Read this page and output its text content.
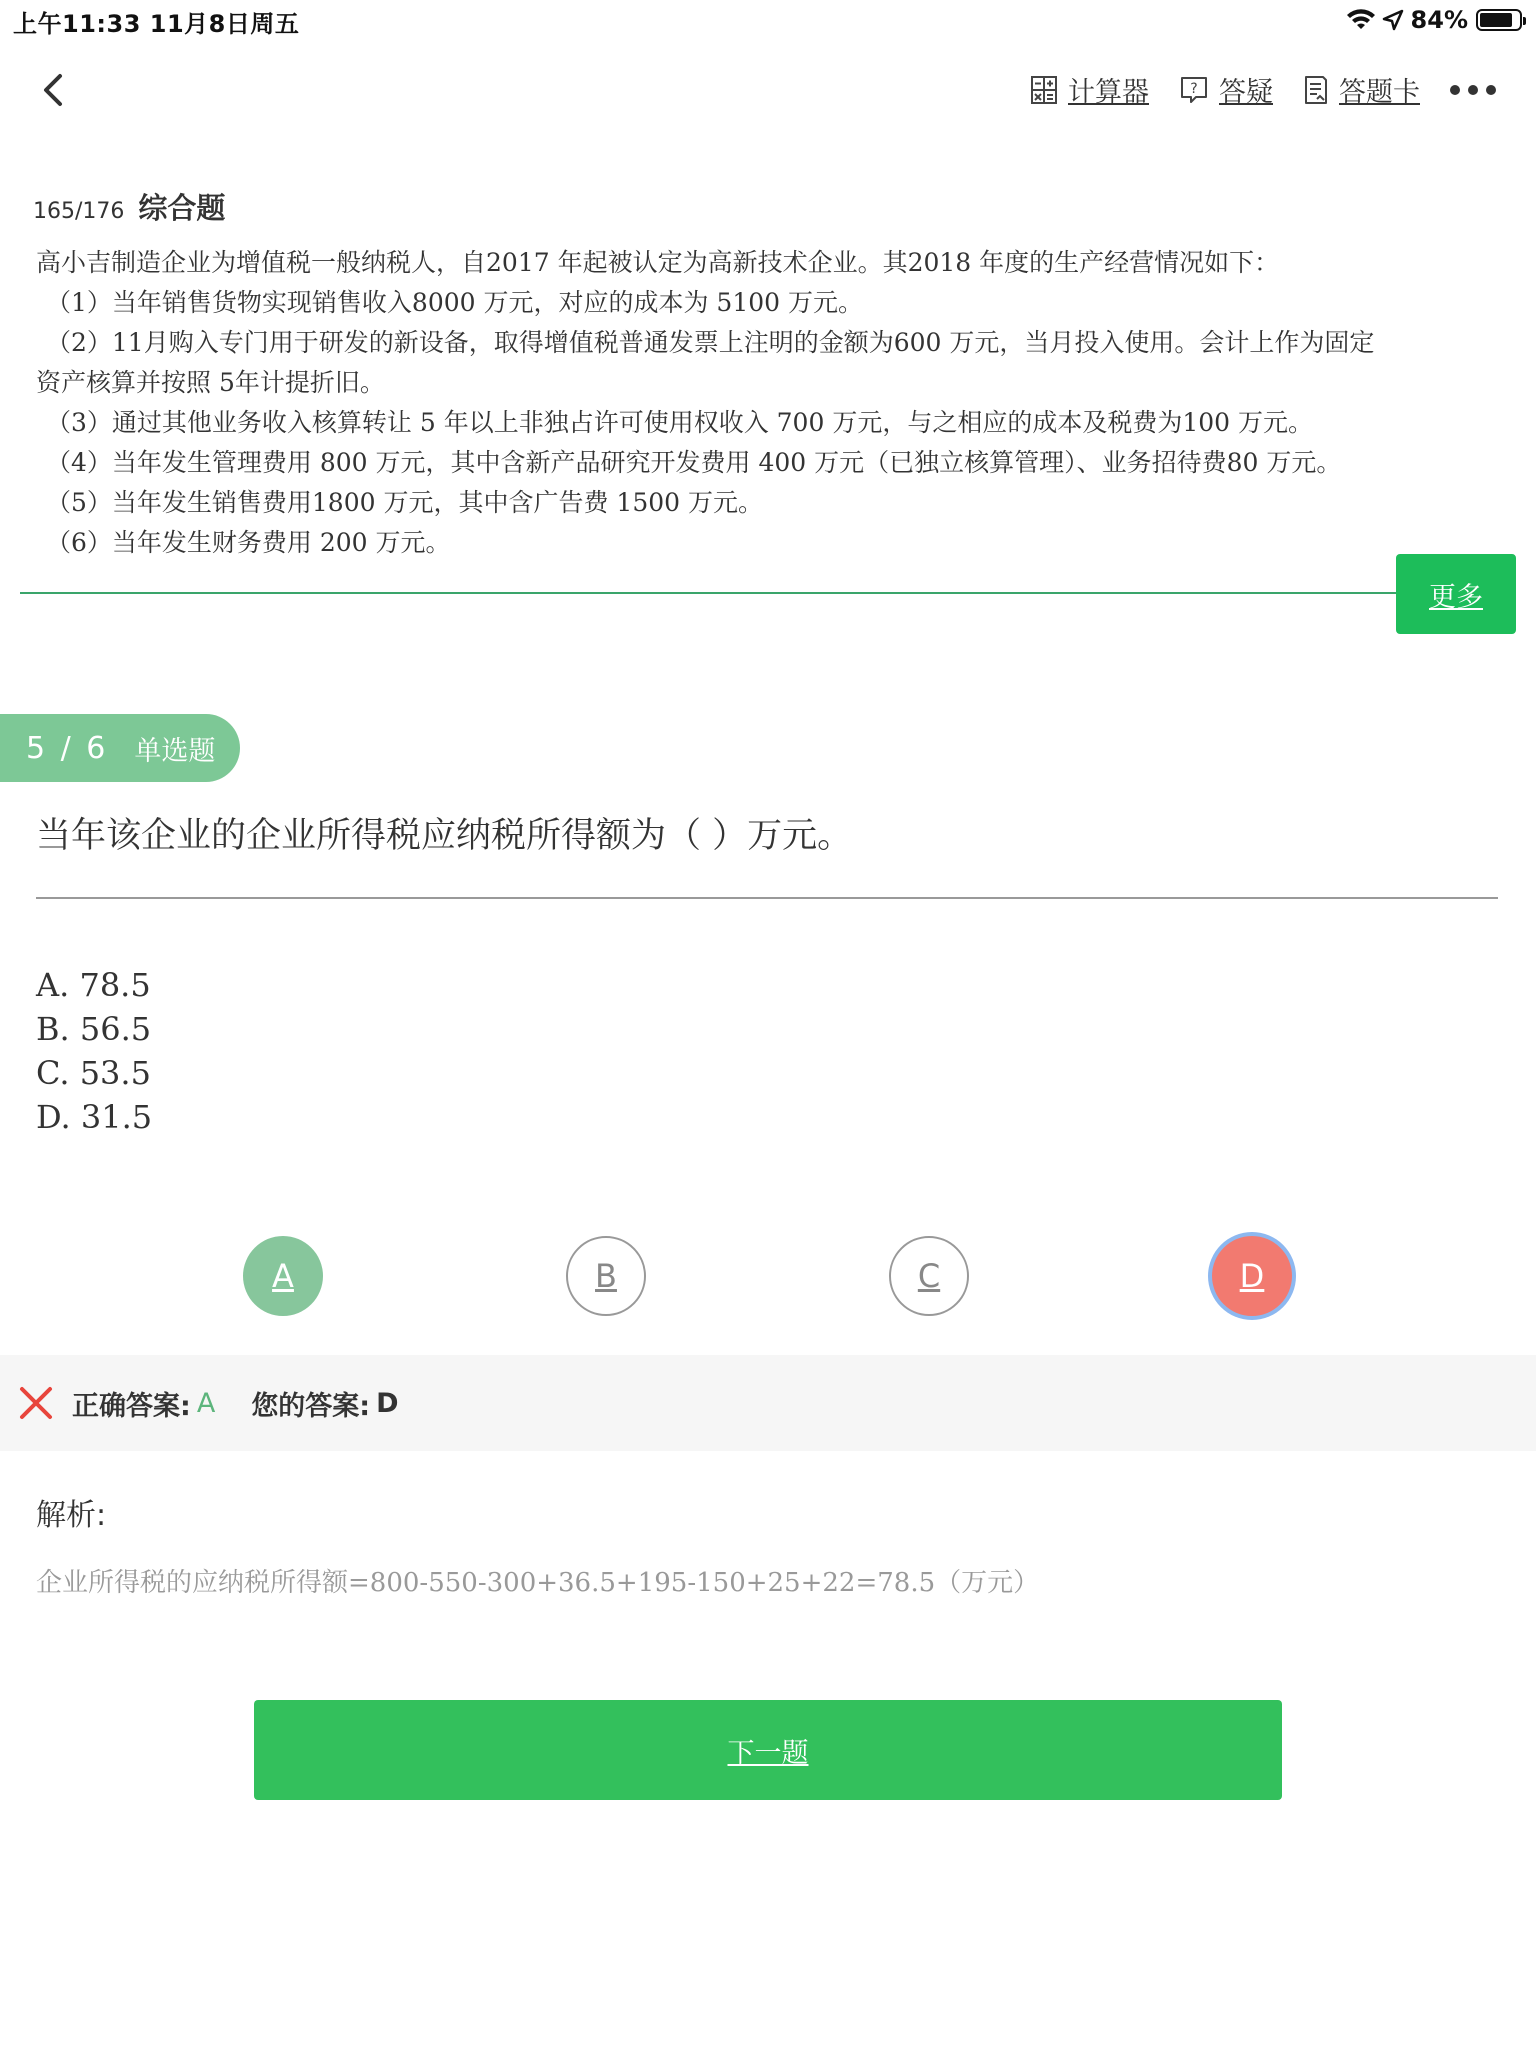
上午11:33 11月8日周五	84%
计算器	? 答疑 答题卡
165/176 综合题

高小吉制造企业为增值税一般纳税人，自2017 年起被认定为高新技术企业。其2018 年度的生产经营情况如下：

（1）当年销售货物实现销售收入8000 万元，对应的成本为 5100 万元。

（2）11月购入专门用于研发的新设备，取得增值税普通发票上注明的金额为600 万元，当月投入使用。会计上作为固定

资产核算并按照 5年计提折旧。

（3）通过其他业务收入核算转让 5 年以上非独占许可使用权收入 700 万元，与之相应的成本及税费为100 万元。

（4）当年发生管理费用 800 万元，其中含新产品研究开发费用 400 万元（已独立核算管理）、业务招待费80 万元。

（5）当年发生销售费用1800 万元，其中含广告费 1500 万元。

（6）当年发生财务费用 200 万元。

更多
5 / 6 单选题
当年该企业的企业所得税应纳税所得额为（ ）万元。
A. 78.5
B. 56.5
C. 53.5
D. 31.5
A	B	C	D
正确答案: A 您的答案: D
解析:
企业所得税的应纳税所得额=800-550-300+36.5+195-150+25+22=78.5（万元）
下一题
